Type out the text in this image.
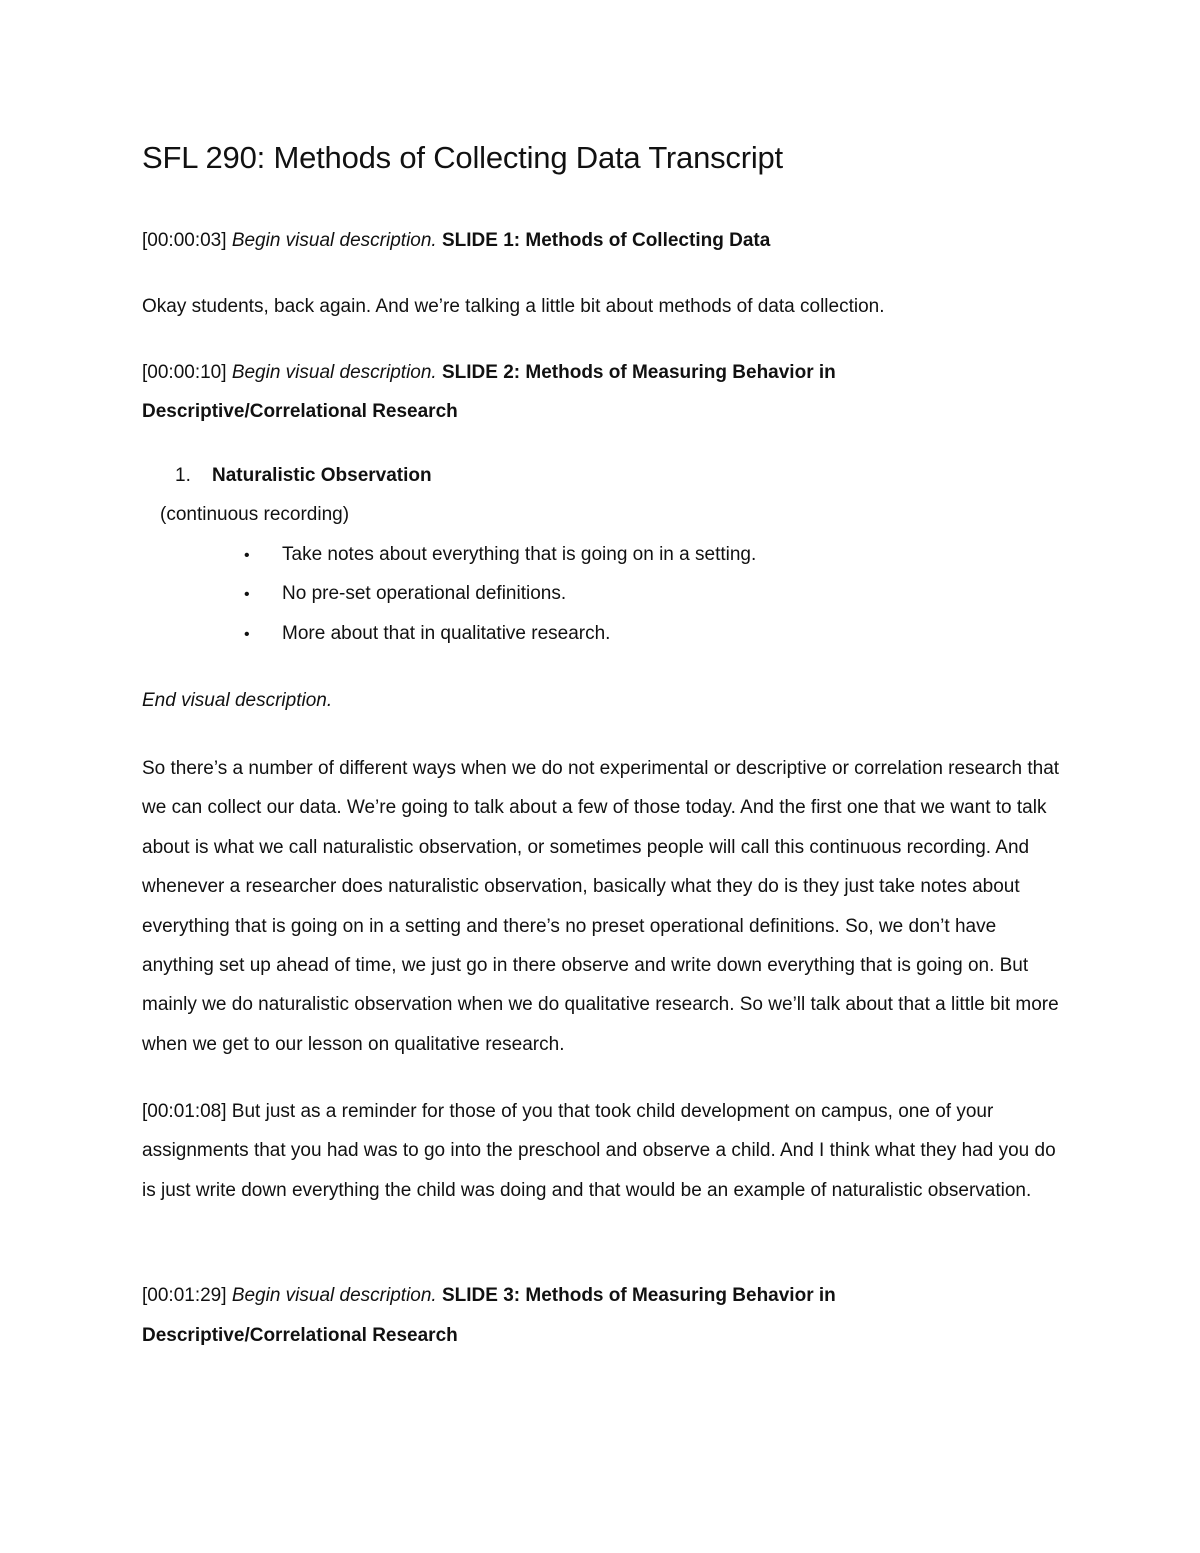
SFL 290: Methods of Collecting Data Transcript

[00:00:03] Begin visual description. SLIDE 1: Methods of Collecting Data

Okay students, back again. And we’re talking a little bit about methods of data collection.

[00:00:10] Begin visual description. SLIDE 2: Methods of Measuring Behavior in

Descriptive/Correlational Research

1. Naturalistic Observation

(continuous recording)

• Take notes about everything that is going on in a setting.
• No pre-set operational definitions.
• More about that in qualitative research.

End visual description.

So there’s a number of different ways when we do not experimental or descriptive or correlation research that we can collect our data. We’re going to talk about a few of those today. And the first one that we want to talk about is what we call naturalistic observation, or sometimes people will call this continuous recording. And whenever a researcher does naturalistic observation, basically what they do is they just take notes about everything that is going on in a setting and there’s no preset operational definitions. So, we don’t have anything set up ahead of time, we just go in there observe and write down everything that is going on. But mainly we do naturalistic observation when we do qualitative research. So we’ll talk about that a little bit more when we get to our lesson on qualitative research.

[00:01:08] But just as a reminder for those of you that took child development on campus, one of your assignments that you had was to go into the preschool and observe a child. And I think what they had you do is just write down everything the child was doing and that would be an example of naturalistic observation.

[00:01:29] Begin visual description. SLIDE 3: Methods of Measuring Behavior in

Descriptive/Correlational Research
